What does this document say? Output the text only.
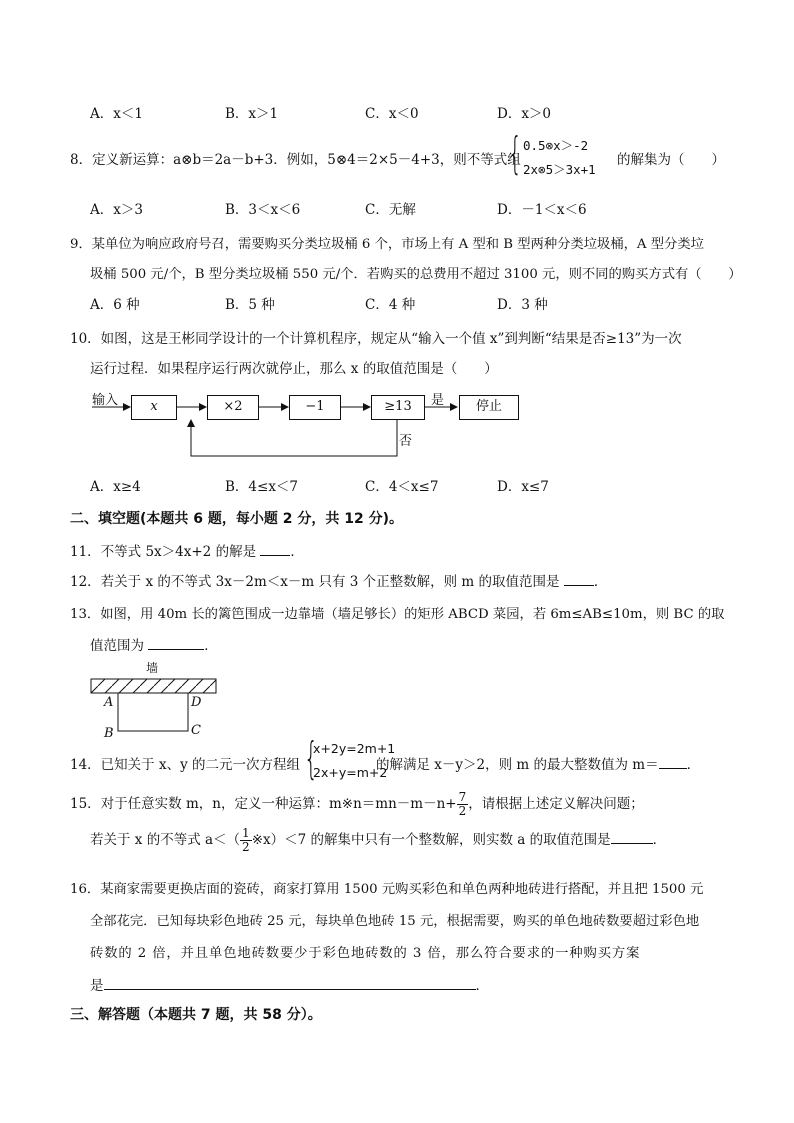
A．x＜1	B．x＞1	C．x＜0	D．x＞0
8．定义新运算：a⊗b＝2a－b+3．例如，5⊗4＝2×5－4+3，则不等式组
{ 0.5⊗x＞-2
2x⊗5＞3x+1
的解集为（　　）
A．x＞3	B．3＜x＜6	C．无解	D．－1＜x＜6
9．某单位为响应政府号召，需要购买分类垃圾桶 6 个，市场上有 A 型和 B 型两种分类垃圾桶，A 型分类垃
圾桶 500 元/个，B 型分类垃圾桶 550 元/个．若购买的总费用不超过 3100 元，则不同的购买方式有（　　）
A．6 种	B．5 种	C．4 种	D．3 种
10．如图，这是王彬同学设计的一个计算机程序，规定从“输入一个值 x”到判断“结果是否≥13”为一次
运行过程．如果程序运行两次就停止，那么 x 的取值范围是（　　）
输入	x	×2	−1	≥13	是
否
停止
A．x≥4	B．4≤x＜7	C．4＜x≤7	D．x≤7
二、填空题(本题共 6 题，每小题 2 分，共 12 分)。
11．不等式 5x＞4x+2 的解是	．
12．若关于 x 的不等式 3x－2m＜x－m 只有 3 个正整数解，则 m 的取值范围是	．
13．如图，用 40m 长的篱笆围成一边靠墙（墙足够长）的矩形 ABCD 菜园，若 6m≤AB≤10m，则 BC 的取
值范围为	．
墙
A
B	C
D
14．已知关于 x、y 的二元一次方程组 {
x+2y=2m+1
2x+y=m+2
的解满足 x－y＞2，则 m 的最大整数值为 m＝ ．
15．对于任意实数 m，n，定义一种运算：m※n＝mn－m－n+ $\frac{7}{2}$ ，请根据上述定义解决问题；
若关于 x 的不等式 $a<( \frac{1}{2}$ ※x）＜7 的解集中只有一个整数解，则实数 a 的取值范围是	．
16．某商家需要更换店面的瓷砖，商家打算用 1500 元购买彩色和单色两种地砖进行搭配，并且把 1500 元
全部花完．已知每块彩色地砖 25 元，每块单色地砖 15 元，根据需要，购买的单色地砖数要超过彩色地
砖数的 2 倍，并且单色地砖数要少于彩色地砖数的 3 倍，那么符合要求的一种购买方案
是	．
三、解答题（本题共 7 题，共 58 分）。
